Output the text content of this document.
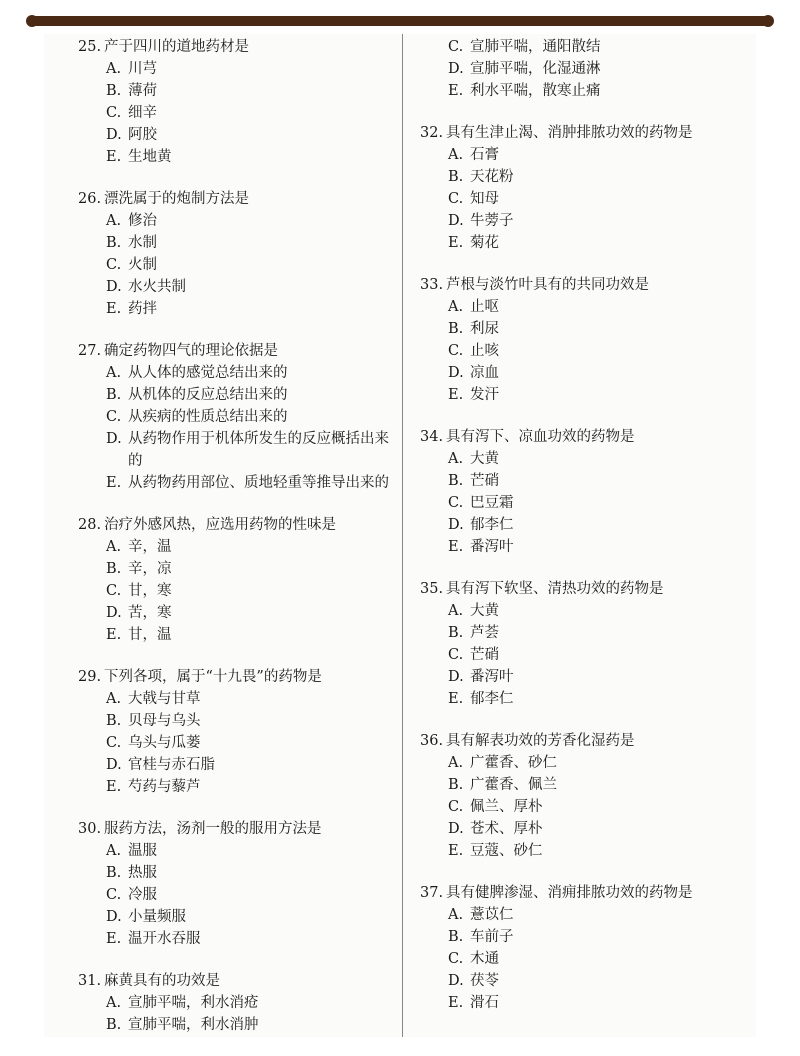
25. 产于四川的道地药材是
A. 川芎
B. 薄荷
C. 细辛
D. 阿胶
E. 生地黄
26. 漂洗属于的炮制方法是
A. 修治
B. 水制
C. 火制
D. 水火共制
E. 药拌
27. 确定药物四气的理论依据是
A. 从人体的感觉总结出来的
B. 从机体的反应总结出来的
C. 从疾病的性质总结出来的
D. 从药物作用于机体所发生的反应概括出来的
E. 从药物药用部位、质地轻重等推导出来的
28. 治疗外感风热，应选用药物的性味是
A. 辛，温
B. 辛，凉
C. 甘，寒
D. 苦，寒
E. 甘，温
29. 下列各项，属于“十九畏”的药物是
A. 大戟与甘草
B. 贝母与乌头
C. 乌头与瓜蒌
D. 官桂与赤石脂
E. 芍药与藜芦
30. 服药方法，汤剂一般的服用方法是
A. 温服
B. 热服
C. 冷服
D. 小量频服
E. 温开水吞服
31. 麻黄具有的功效是
A. 宣肺平喘，利水消疮
B. 宣肺平喘，利水消肿
C. 宣肺平喘，通阳散结
D. 宣肺平喘，化湿通淋
E. 利水平喘，散寒止痛
32. 具有生津止渴、消肿排脓功效的药物是
A. 石膏
B. 天花粉
C. 知母
D. 牛蒡子
E. 菊花
33. 芦根与淡竹叶具有的共同功效是
A. 止呕
B. 利尿
C. 止咳
D. 凉血
E. 发汗
34. 具有泻下、凉血功效的药物是
A. 大黄
B. 芒硝
C. 巴豆霜
D. 郁李仁
E. 番泻叶
35. 具有泻下软坚、清热功效的药物是
A. 大黄
B. 芦荟
C. 芒硝
D. 番泻叶
E. 郁李仁
36. 具有解表功效的芳香化湿药是
A. 广藿香、砂仁
B. 广藿香、佩兰
C. 佩兰、厚朴
D. 苍术、厚朴
E. 豆蔻、砂仁
37. 具有健脾渗湿、消痈排脓功效的药物是
A. 薏苡仁
B. 车前子
C. 木通
D. 茯苓
E. 滑石
